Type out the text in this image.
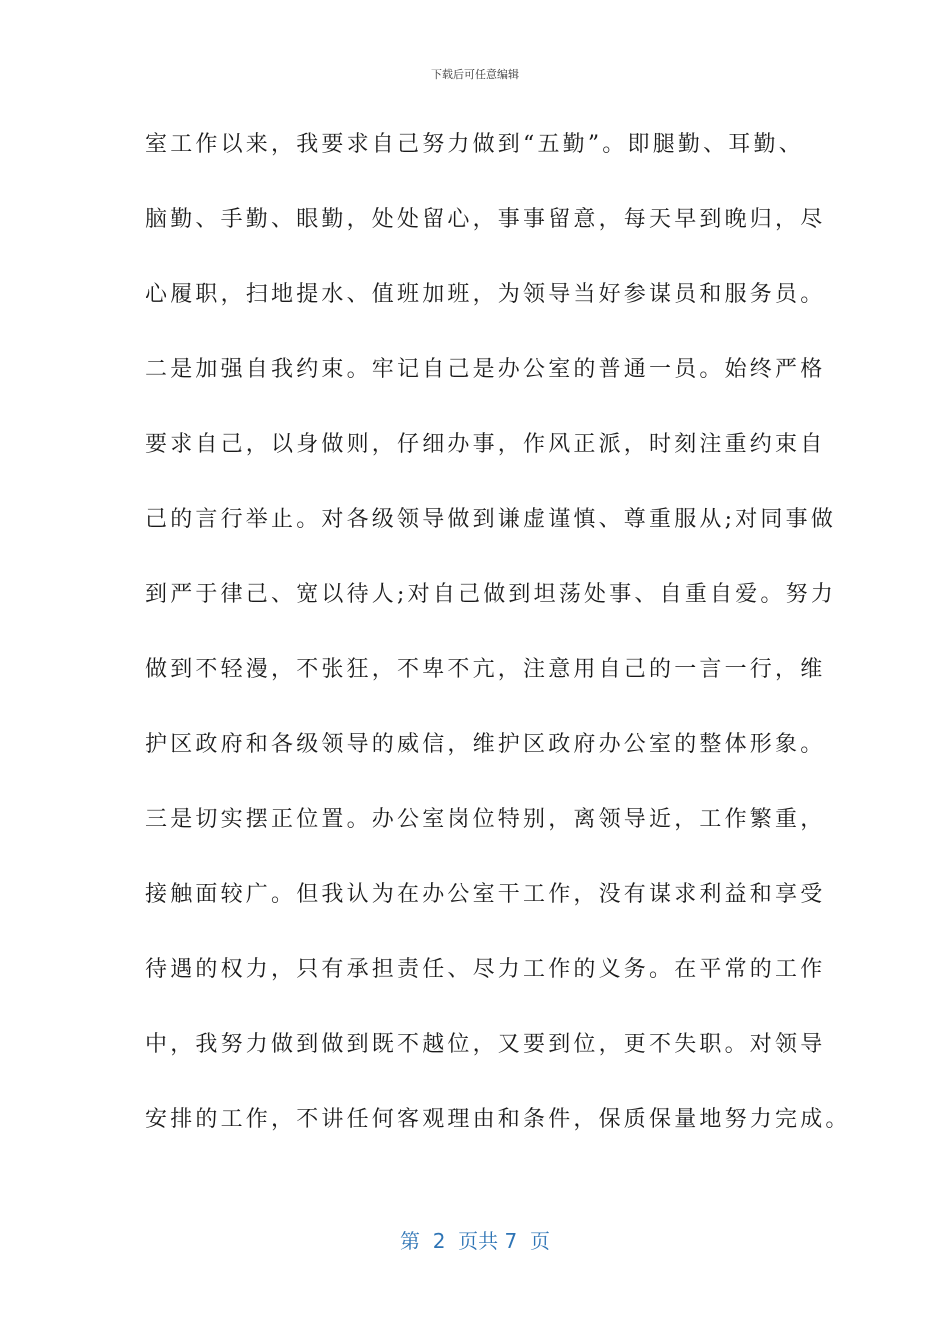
下载后可任意编辑
室工作以来，我要求自己努力做到“五勤”。即腿勤、耳勤、
脑勤、手勤、眼勤，处处留心，事事留意，每天早到晚归，尽
心履职，扫地提水、值班加班，为领导当好参谋员和服务员。
二是加强自我约束。牢记自己是办公室的普通一员。始终严格
要求自己，以身做则，仔细办事，作风正派，时刻注重约束自
己的言行举止。对各级领导做到谦虚谨慎、尊重服从;对同事做
到严于律己、宽以待人;对自己做到坦荡处事、自重自爱。努力
做到不轻漫，不张狂，不卑不亢，注意用自己的一言一行，维
护区政府和各级领导的威信，维护区政府办公室的整体形象。
三是切实摆正位置。办公室岗位特别，离领导近，工作繁重，
接触面较广。但我认为在办公室干工作，没有谋求利益和享受
待遇的权力，只有承担责任、尽力工作的义务。在平常的工作
中，我努力做到做到既不越位，又要到位，更不失职。对领导
安排的工作，不讲任何客观理由和条件，保质保量地努力完成。
第  2  页共 7  页
